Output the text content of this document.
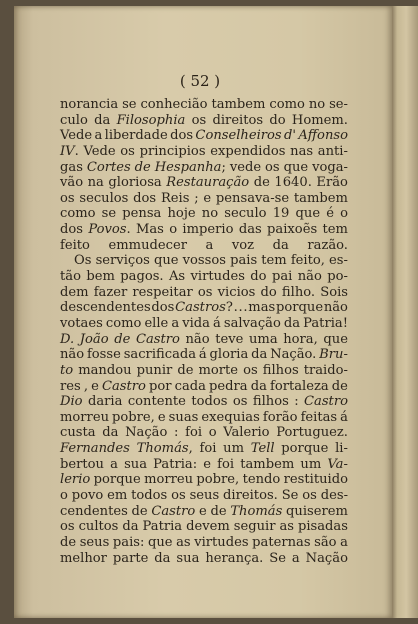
( 52 )
norancia se conhecião tambem como no se-
culo da Filosophia os direitos do Homem.
Vede a liberdade dos Conselheiros d' Affonso
IV. Vede os principios expendidos nas anti-
gas Cortes de Hespanha; vede os que voga-
vão na gloriosa Restauração de 1640. Erão
os seculos dos Reis ; e pensava-se tambem
como se pensa hoje no seculo 19 que é o
dos Povos. Mas o imperio das paixoẽs tem
feito emmudecer a voz da razão.
Os serviços que vossos pais tem feito, es-
tão bem pagos. As virtudes do pai não po-
dem fazer respeitar os vicios do filho. Sois
descendentes dos Castros? . . . mas porque não
votaes como elle a vida á salvação da Patria!
D. João de Castro não teve uma hora, que
não fosse sacrificada á gloria da Nação. Bru-
to mandou punir de morte os filhos traido-
res , e Castro por cada pedra da fortaleza de
Dio daria contente todos os filhos : Castro
morreu pobre, e suas exequias forão feitas á
custa da Nação : foi o Valerio Portuguez.
Fernandes Thomás, foi um Tell porque li-
bertou a sua Patria: e foi tambem um Va-
lerio porque morreu pobre, tendo restituido
o povo em todos os seus direitos. Se os des-
cendentes de Castro e de Thomás quiserem
os cultos da Patria devem seguir as pisadas
de seus pais: que as virtudes paternas são a
melhor parte da sua herança. Se a Nação
